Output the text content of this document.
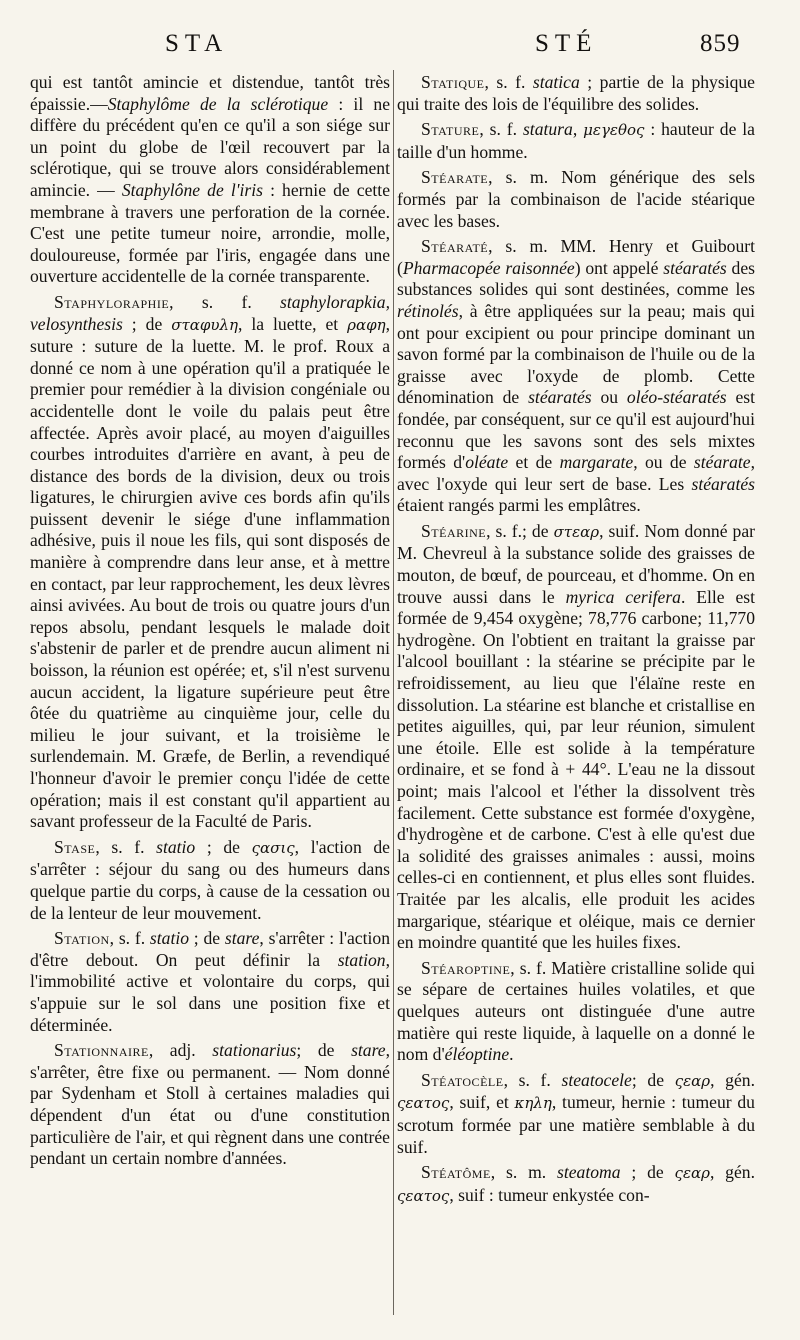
STA	STÉ	859

qui est tantôt amincie et distendue, tantôt très épaissie.—Staphylôme de la sclérotique : il ne diffère du précédent qu'en ce qu'il a son siége sur un point du globe de l'œil recouvert par la sclérotique, qui se trouve alors considérablement amincie. — Staphylône de l'iris : hernie de cette membrane à travers une perforation de la cornée. C'est une petite tumeur noire, arrondie, molle, douloureuse, formée par l'iris, engagée dans une ouverture accidentelle de la cornée transparente.

Staphyloraphie, s. f. staphylorapkia, velosynthesis ; de σταφυλη, la luette, et ραφη, suture : suture de la luette. M. le prof. Roux a donné ce nom à une opération qu'il a pratiquée le premier pour remédier à la division congéniale ou accidentelle dont le voile du palais peut être affectée. Après avoir placé, au moyen d'aiguilles courbes introduites d'arrière en avant, à peu de distance des bords de la division, deux ou trois ligatures, le chirurgien avive ces bords afin qu'ils puissent devenir le siége d'une inflammation adhésive, puis il noue les fils, qui sont disposés de manière à comprendre dans leur anse, et à mettre en contact, par leur rapprochement, les deux lèvres ainsi avivées. Au bout de trois ou quatre jours d'un repos absolu, pendant lesquels le malade doit s'abstenir de parler et de prendre aucun aliment ni boisson, la réunion est opérée; et, s'il n'est survenu aucun accident, la ligature supérieure peut être ôtée du quatrième au cinquième jour, celle du milieu le jour suivant, et la troisième le surlendemain. M. Græfe, de Berlin, a revendiqué l'honneur d'avoir le premier conçu l'idée de cette opération; mais il est constant qu'il appartient au savant professeur de la Faculté de Paris.

Stase, s. f. statio ; de ςασις, l'action de s'arrêter : séjour du sang ou des humeurs dans quelque partie du corps, à cause de la cessation ou de la lenteur de leur mouvement.

Station, s. f. statio ; de stare, s'arrêter : l'action d'être debout. On peut définir la station, l'immobilité active et volontaire du corps, qui s'appuie sur le sol dans une position fixe et déterminée.

Stationnaire, adj. stationarius; de stare, s'arrêter, être fixe ou permanent. — Nom donné par Sydenham et Stoll à certaines maladies qui dépendent d'un état ou d'une constitution particulière de l'air, et qui règnent dans une contrée pendant un certain nombre d'années.

Statique, s. f. statica ; partie de la physique qui traite des lois de l'équilibre des solides.

Stature, s. f. statura, μεγεθος : hauteur de la taille d'un homme.

Stéarate, s. m. Nom générique des sels formés par la combinaison de l'acide stéarique avec les bases.

Stéaraté, s. m. MM. Henry et Guibourt (Pharmacopée raisonnée) ont appelé stéaratés des substances solides qui sont destinées, comme les rétinolés, à être appliquées sur la peau; mais qui ont pour excipient ou pour principe dominant un savon formé par la combinaison de l'huile ou de la graisse avec l'oxyde de plomb. Cette dénomination de stéaratés ou oléo-stéaratés est fondée, par conséquent, sur ce qu'il est aujourd'hui reconnu que les savons sont des sels mixtes formés d'oléate et de margarate, ou de stéarate, avec l'oxyde qui leur sert de base. Les stéaratés étaient rangés parmi les emplâtres.

Stéarine, s. f.; de στεαρ, suif. Nom donné par M. Chevreul à la substance solide des graisses de mouton, de bœuf, de pourceau, et d'homme. On en trouve aussi dans le myrica cerifera. Elle est formée de 9,454 oxygène; 78,776 carbone; 11,770 hydrogène. On l'obtient en traitant la graisse par l'alcool bouillant : la stéarine se précipite par le refroidissement, au lieu que l'élaïne reste en dissolution. La stéarine est blanche et cristallise en petites aiguilles, qui, par leur réunion, simulent une étoile. Elle est solide à la température ordinaire, et se fond à + 44°. L'eau ne la dissout point; mais l'alcool et l'éther la dissolvent très facilement. Cette substance est formée d'oxygène, d'hydrogène et de carbone. C'est à elle qu'est due la solidité des graisses animales : aussi, moins celles-ci en contiennent, et plus elles sont fluides. Traitée par les alcalis, elle produit les acides margarique, stéarique et oléique, mais ce dernier en moindre quantité que les huiles fixes.

Stéaroptine, s. f. Matière cristalline solide qui se sépare de certaines huiles volatiles, et que quelques auteurs ont distinguée d'une autre matière qui reste liquide, à laquelle on a donné le nom d'éléoptine.

Stéatocèle, s. f. steatocele; de ςεαρ, gén. ςεατος, suif, et κηλη, tumeur, hernie : tumeur du scrotum formée par une matière semblable à du suif.

Stéatôme, s. m. steatoma ; de ςεαρ, gén. ςεατος, suif : tumeur enkystée con-
